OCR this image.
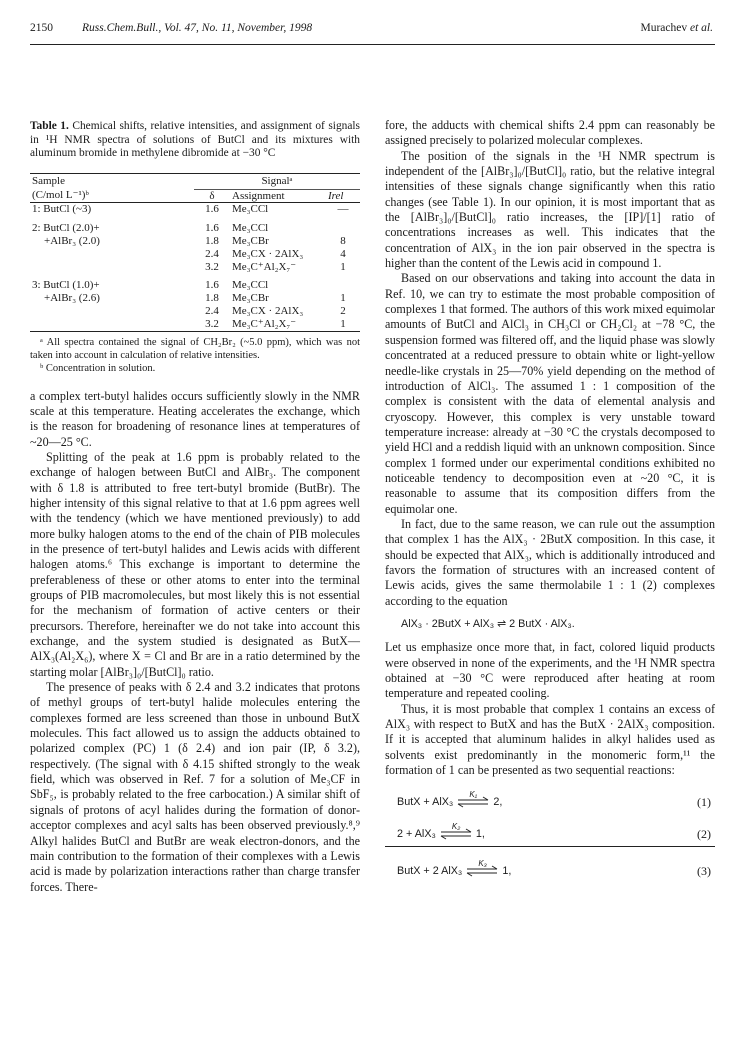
2150	Russ.Chem.Bull., Vol. 47, No. 11, November, 1998	Murachev et al.
Table 1. Chemical shifts, relative intensities, and assignment of signals in ¹H NMR spectra of solutions of ButCl and its mixtures with aluminum bromide in methylene dibromide at −30 °C
Sample	Signalᵃ		
(C/mol L⁻¹)ᵇ	δ	Assignment	Irel
1: ButCl (~3)	1.6	Me₃CCl	—
2: ButCl (2.0)+	1.6	Me₃CCl	
+AlBr₃ (2.0)	1.8	Me₃CBr	8
	2.4	Me₃CX · 2AlX₃	4
	3.2	Me₃C⁺Al₂X₇⁻	1
3: ButCl (1.0)+	1.6	Me₃CCl	
+AlBr₃ (2.6)	1.8	Me₃CBr	1
	2.4	Me₃CX · 2AlX₃	2
	3.2	Me₃C⁺Al₂X₇⁻	1
ᵃ All spectra contained the signal of CH₂Br₂ (~5.0 ppm), which was not taken into account in calculation of relative intensities.
ᵇ Concentration in solution.

a complex tert-butyl halides occurs sufficiently slowly in the NMR scale at this temperature. Heating accelerates the exchange, which is the reason for broadening of resonance lines at temperatures of ~20—25 °C.

Splitting of the peak at 1.6 ppm is probably related to the exchange of halogen between ButCl and AlBr₃. The component with δ 1.8 is attributed to free tert-butyl bromide (ButBr). The higher intensity of this signal relative to that at 1.6 ppm agrees well with the tendency (which we have mentioned previously) to add more bulky halogen atoms to the end of the chain of PIB molecules in the presence of tert-butyl halides and Lewis acids with different halogen atoms.⁶ This exchange is important to determine the preferableness of these or other atoms to enter into the terminal groups of PIB macromolecules, but most likely this is not essential for the mechanism of formation of active centers or their precursors. Therefore, hereinafter we do not take into account this exchange, and the system studied is designated as ButX—AlX₃(Al₂X₆), where X = Cl and Br are in a ratio determined by the starting molar [AlBr₃]₀/[ButCl]₀ ratio.

The presence of peaks with δ 2.4 and 3.2 indicates that protons of methyl groups of tert-butyl halide molecules entering the complexes formed are less screened than those in unbound ButX molecules. This fact allowed us to assign the adducts obtained to polarized complex (PC) 1 (δ 2.4) and ion pair (IP, δ 3.2), respectively. (The signal with δ 4.15 shifted strongly to the weak field, which was observed in Ref. 7 for a solution of Me₃CF in SbF₅, is probably related to the free carbocation.) A similar shift of signals of protons of acyl halides during the formation of donor-acceptor complexes and acyl salts has been observed previously.⁸,⁹ Alkyl halides ButCl and ButBr are weak electron-donors, and the main contribution to the formation of their complexes with a Lewis acid is made by polarization interactions rather than charge transfer forces. There-

fore, the adducts with chemical shifts 2.4 ppm can reasonably be assigned precisely to polarized molecular complexes.

The position of the signals in the ¹H NMR spectrum is independent of the [AlBr₃]₀/[ButCl]₀ ratio, but the relative integral intensities of these signals change significantly when this ratio changes (see Table 1). In our opinion, it is most important that as the [AlBr₃]₀/[ButCl]₀ ratio increases, the [IP]/[1] ratio of concentrations increases as well. This indicates that the concentration of AlX₃ in the ion pair observed in the spectra is higher than the content of the Lewis acid in compound 1.

Based on our observations and taking into account the data in Ref. 10, we can try to estimate the most probable composition of complexes 1 that formed. The authors of this work mixed equimolar amounts of ButCl and AlCl₃ in CH₃Cl or CH₂Cl₂ at −78 °C, the suspension formed was filtered off, and the liquid phase was slowly concentrated at a reduced pressure to obtain white or light-yellow needle-like crystals in 25—70% yield depending on the method of introduction of AlCl₃. The assumed 1 : 1 composition of the complex is consistent with the data of elemental analysis and cryoscopy. However, this complex is very unstable toward temperature increase: already at −30 °C the crystals decomposed to yield HCl and a reddish liquid with an unknown composition. Since complex 1 formed under our experimental conditions exhibited no noticeable tendency to decomposition even at ~20 °C, it is reasonable to assume that its composition differs from the equimolar one.

In fact, due to the same reason, we can rule out the assumption that complex 1 has the AlX₃ · 2ButX composition. In this case, it should be expected that AlX₃, which is additionally introduced and favors the formation of structures with an increased content of Lewis acids, gives the same thermolabile 1 : 1 (2) complexes according to the equation

AlX₃ · 2ButX + AlX₃ ⇌ 2 ButX · AlX₃.

Let us emphasize once more that, in fact, colored liquid products were observed in none of the experiments, and the ¹H NMR spectra obtained at −30 °C were reproduced after heating at room temperature and repeated cooling.

Thus, it is most probable that complex 1 contains an excess of AlX₃ with respect to ButX and has the ButX · 2AlX₃ composition. If it is accepted that aluminum halides in alkyl halides used as solvents exist predominantly in the monomeric form,¹¹ the formation of 1 can be presented as two sequential reactions:

ButX + AlX₃
K₁
2,	(1)
2 + AlX₃
K₂
1,	(2)
ButX + 2 AlX₃
K₃
1,	(3)
